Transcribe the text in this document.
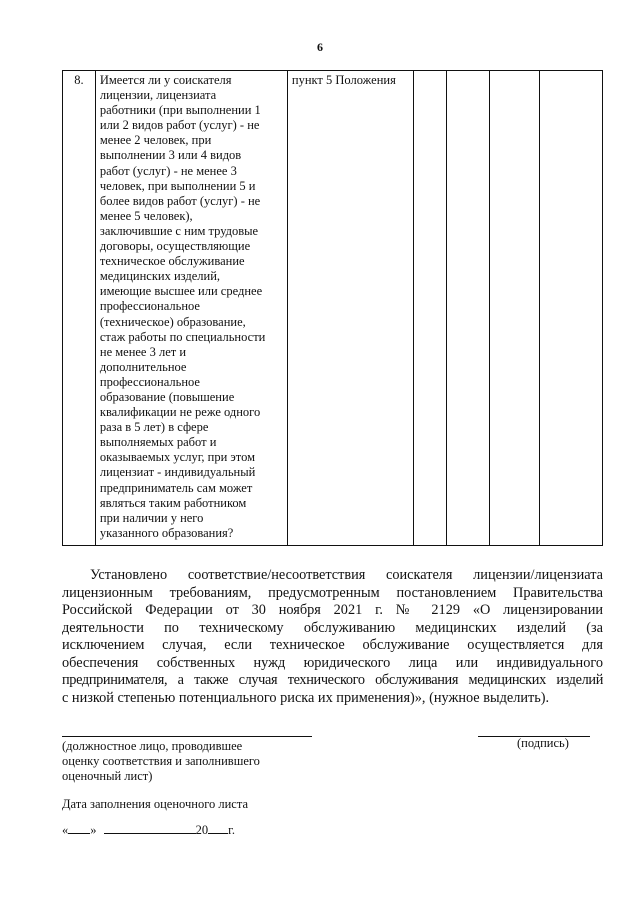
6
8.	Имеется ли у соискателя
лицензии, лицензиата
работники (при выполнении 1
или 2 видов работ (услуг) - не
менее 2 человек, при
выполнении 3 или 4 видов
работ (услуг) - не менее 3
человек, при выполнении 5 и
более видов работ (услуг) - не
менее 5 человек),
заключившие с ним трудовые
договоры, осуществляющие
техническое обслуживание
медицинских изделий,
имеющие высшее или среднее
профессиональное
(техническое) образование,
стаж работы по специальности
не менее 3 лет и
дополнительное
профессиональное
образование (повышение
квалификации не реже одного
раза в 5 лет) в сфере
выполняемых работ и
оказываемых услуг, при этом
лицензиат - индивидуальный
предприниматель сам может
являться таким работником
при наличии у него
указанного образования?
	пункт 5 Положения				
Установлено соответствие/несоответствия соискателя лицензии/лицензиата
лицензионным требованиям, предусмотренным постановлением Правительства
Российской Федерации от 30 ноября 2021 г. № 2129 «О лицензировании
деятельности по техническому обслуживанию медицинских изделий (за
исключением случая, если техническое обслуживание осуществляется для
обеспечения собственных нужд юридического лица или индивидуального
предпринимателя, а также случая технического обслуживания медицинских изделий
с низкой степенью потенциального риска их применения)», (нужное выделить).
(должностное лицо, проводившее
оценку соответствия и заполнившего
оценочный лист)
(подпись)
Дата заполнения оценочного листа
« »	20 г.
